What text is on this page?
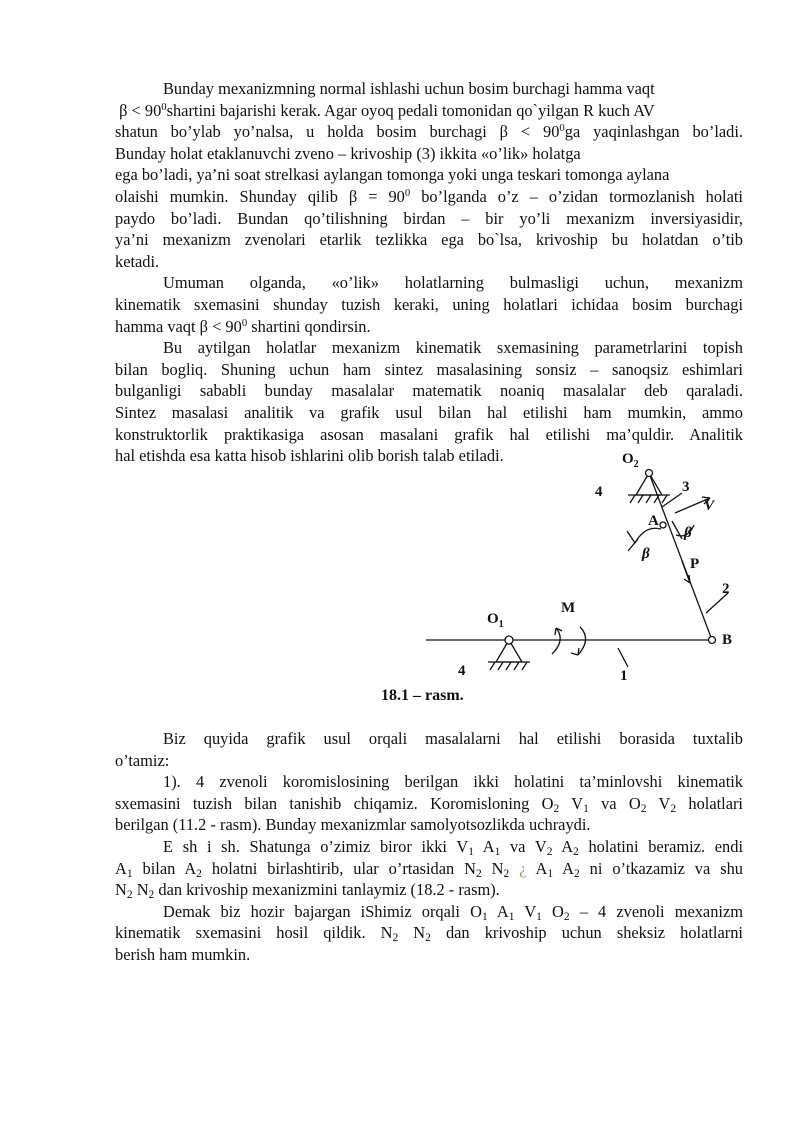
Bunday mexanizmning normal ishlashi uchun bosim burchagi hamma vaqt
$\beta < 90^0shartini$ bajarishi kerak. Agar oyoq pedali tomonidan qo`yilgan R kuch AV
shatun bo’ylab yo’nalsa, u holda bosim burchagi $\beta < 90^0ga$ yaqinlashgan bo’ladi.
Bunday holat etaklanuvchi zveno – krivoship (3) ikkita «o’lik» holatga
ega bo’ladi, ya’ni soat strelkasi aylangan tomonga yoki unga teskari tomonga aylana
olaishi mumkin. Shunday qilib $\beta = 90^0$ bo’lganda o’z – o’zidan tormozlanish holati
paydo bo’ladi. Bundan qo’tilishning birdan – bir yo’li mexanizm inversiyasidir,
ya’ni mexanizm zvenolari etarlik tezlikka ega bo`lsa, krivoship bu holatdan o’tib
ketadi.
Umuman olganda, «o’lik» holatlarning bulmasligi uchun, mexanizm
kinematik sxemasini shunday tuzish keraki, uning holatlari ichidaa bosim burchagi
hamma vaqt $\beta < 90^0$ shartini qondirsin.
Bu aytilgan holatlar mexanizm kinematik sxemasining parametrlarini topish
bilan bogliq. Shuning uchun ham sintez masalasining sonsiz – sanoqsiz eshimlari
bulganligi sababli bunday masalalar matematik noaniq masalalar deb qaraladi.
Sintez masalasi analitik va grafik usul bilan hal etilishi ham mumkin, ammo
konstruktorlik praktikasiga asosan masalani grafik hal etilishi ma’quldir. Analitik
hal etishda esa katta hisob ishlarini olib borish talab etiladi.	$O_2$
4	3
V
A
β
β
P
2
M
$O_1$
B
4	1
18.1 – rasm.
Biz quyida grafik usul orqali masalalarni hal etilishi borasida tuxtalib
o’tamiz:
1). 4 zvenoli koromislosining berilgan ikki holatini ta’minlovshi kinematik
sxemasini tuzish bilan tanishib chiqamiz. Koromisloning $O_2$ $V_1$ va $O_2$ $V_2$ holatlari
berilgan (11.2 - rasm). Bunday mexanizmlar samolyotsozlikda uchraydi.
E sh i sh. Shatunga o’zimiz biror ikki $V_1$ $A_1$ va $V_2$ $A_2$ holatini beramiz. endi
$A_1$ bilan $A_2$ holatni birlashtirib, ular o’rtasidan $N_2$ $N_2$ ¿ $A_1$ $A_2$ ni o’tkazamiz va shu
$N_2$ $N_2$ dan krivoship mexanizmini tanlaymiz (18.2 - rasm).
Demak biz hozir bajargan iShimiz orqali $O_1$ $A_1$ $V_1$ $O_2 - 4$ zvenoli mexanizm
kinematik sxemasini hosil qildik. $N_2$ $N_2$ dan krivoship uchun sheksiz holatlarni
berish ham mumkin.
